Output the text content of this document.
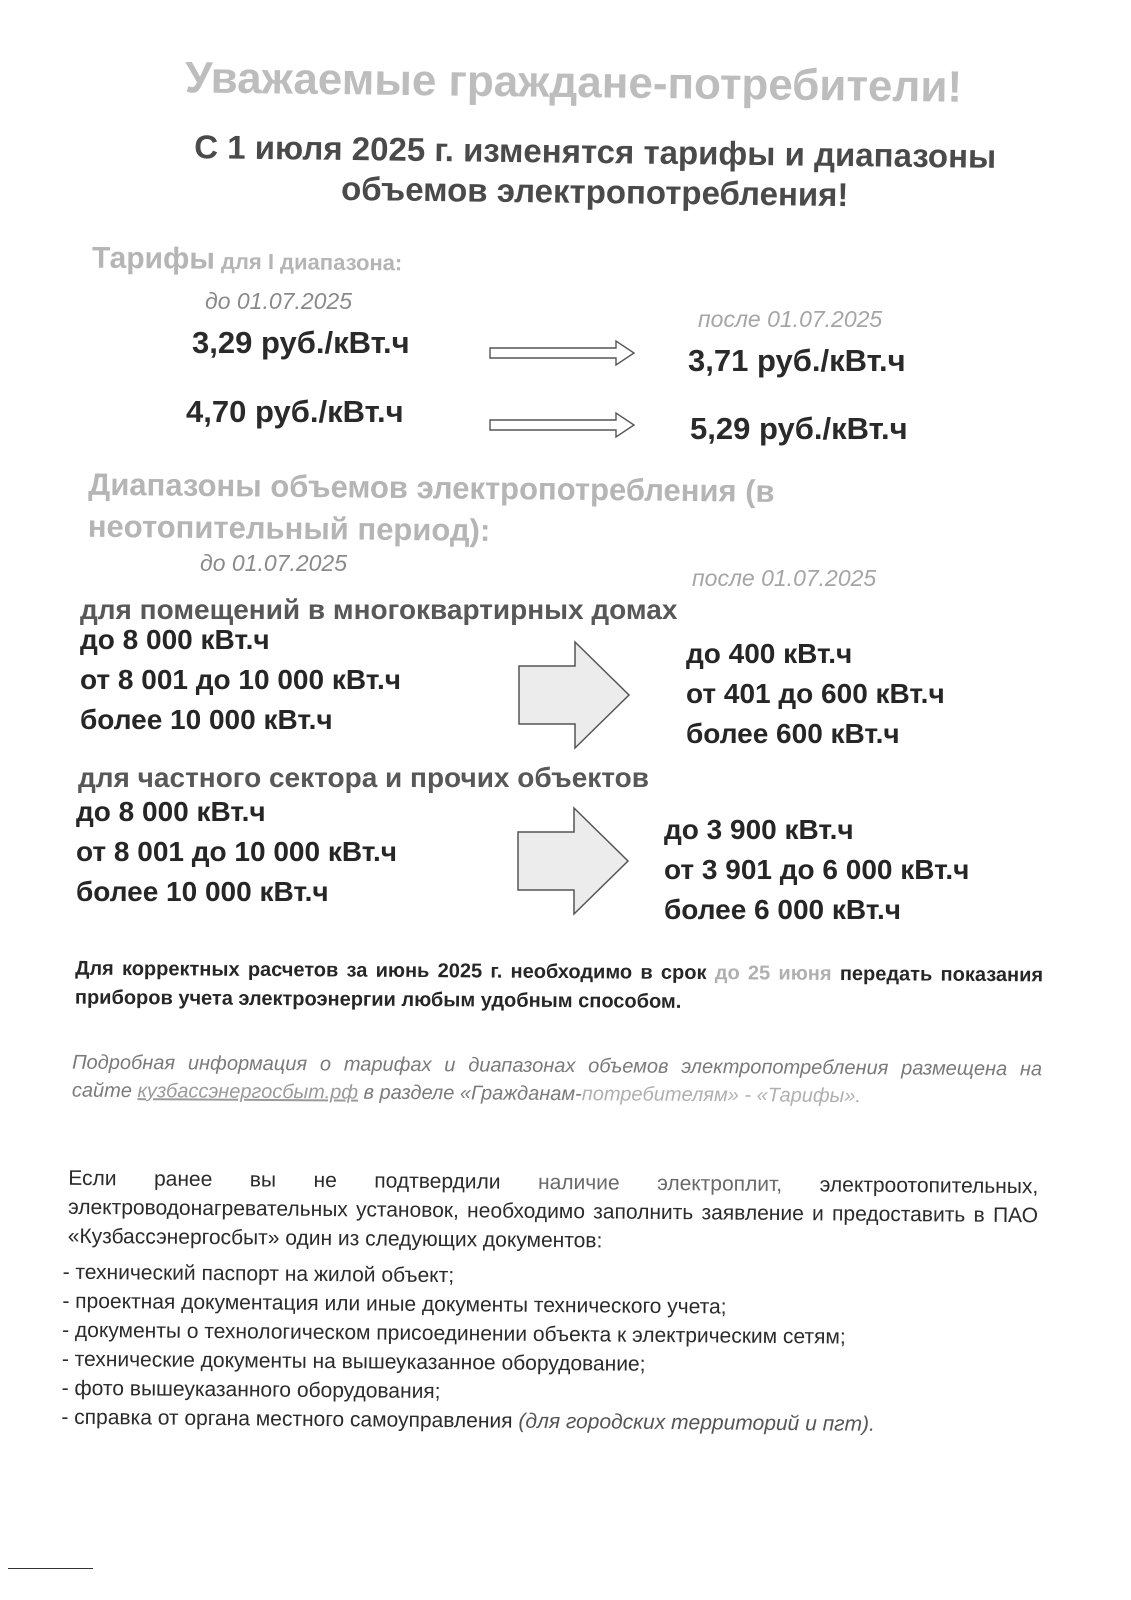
Уважаемые граждане-потребители!
С 1 июля 2025 г. изменятся тарифы и диапазоны объемов электропотребления!
Тарифы для I диапазона:
до 01.07.2025
после 01.07.2025
3,29 руб./кВт.ч
3,71 руб./кВт.ч
4,70 руб./кВт.ч	5,29 руб./кВт.ч
Диапазоны объемов электропотребления (в неотопительный период):
до 01.07.2025
после 01.07.2025
для помещений в многоквартирных домах
до 8 000 кВт.ч
от 8 001 до 10 000 кВт.ч
более 10 000 кВт.ч
до 400 кВт.ч
от 401 до 600 кВт.ч
более 600 кВт.ч
для частного сектора и прочих объектов
до 8 000 кВт.ч
от 8 001 до 10 000 кВт.ч
более 10 000 кВт.ч
до 3 900 кВт.ч
от 3 901 до 6 000 кВт.ч
более 6 000 кВт.ч
Для корректных расчетов за июнь 2025 г. необходимо в срок до 25 июня передать показания приборов учета электроэнергии любым удобным способом.
Подробная информация о тарифах и диапазонах объемов электропотребления размещена на сайте кузбассэнергосбыт.рф в разделе «Гражданам-потребителям» - «Тарифы».
Если ранее вы не подтвердили наличие электроплит, электроотопительных, электроводонагревательных установок, необходимо заполнить заявление и предоставить в ПАО «Кузбассэнергосбыт» один из следующих документов:
- технический паспорт на жилой объект;
- проектная документация или иные документы технического учета;
- документы о технологическом присоединении объекта к электрическим сетям;
- технические документы на вышеуказанное оборудование;
- фото вышеуказанного оборудования;
- справка от органа местного самоуправления (для городских территорий и пгт).
